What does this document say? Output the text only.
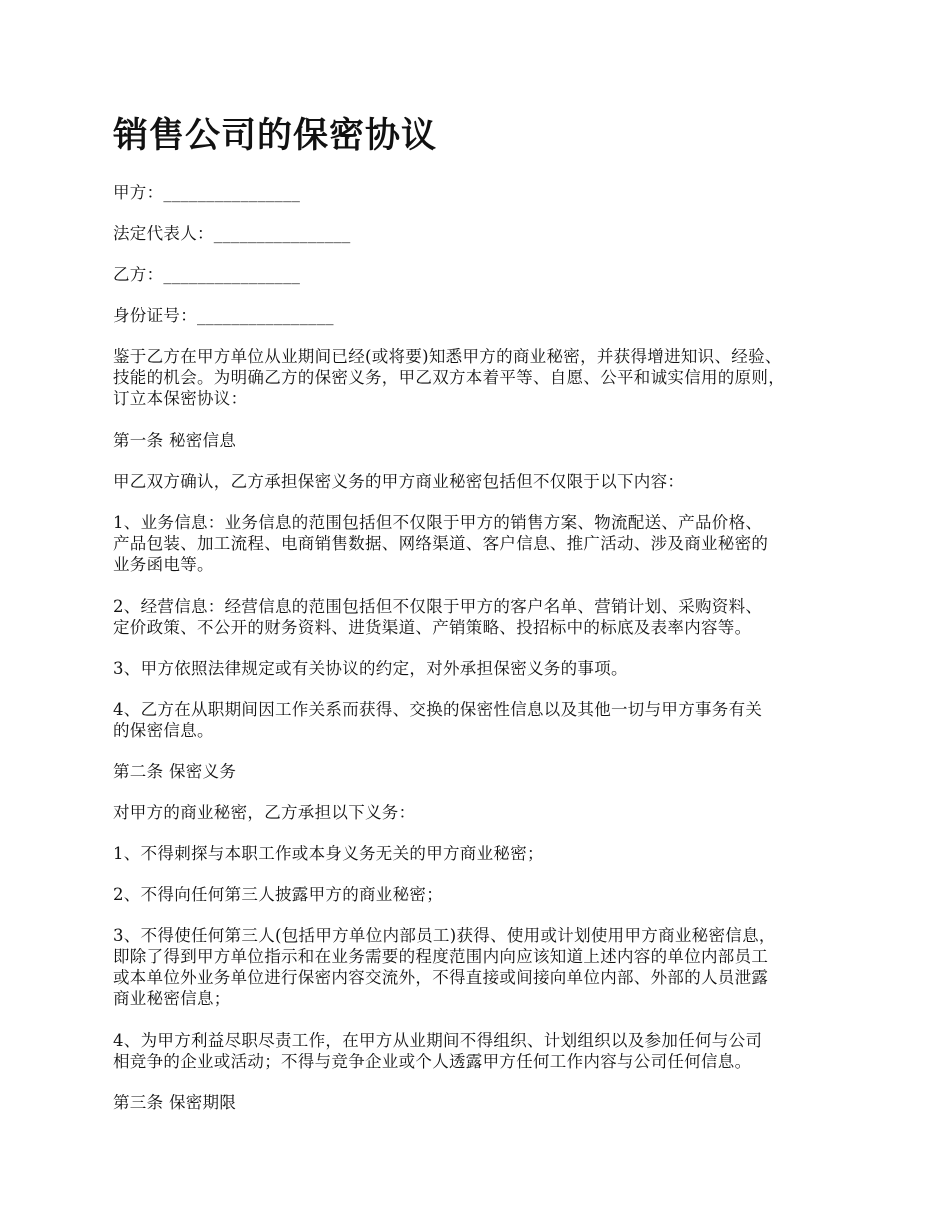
销售公司的保密协议

甲方：________________

法定代表人：________________

乙方：________________

身份证号：________________

鉴于乙方在甲方单位从业期间已经(或将要)知悉甲方的商业秘密，并获得增进知识、经验、
技能的机会。为明确乙方的保密义务，甲乙双方本着平等、自愿、公平和诚实信用的原则，
订立本保密协议：

第一条 秘密信息

甲乙双方确认，乙方承担保密义务的甲方商业秘密包括但不仅限于以下内容：

1、业务信息：业务信息的范围包括但不仅限于甲方的销售方案、物流配送、产品价格、
产品包装、加工流程、电商销售数据、网络渠道、客户信息、推广活动、涉及商业秘密的
业务函电等。

2、经营信息：经营信息的范围包括但不仅限于甲方的客户名单、营销计划、采购资料、
定价政策、不公开的财务资料、进货渠道、产销策略、投招标中的标底及表率内容等。

3、甲方依照法律规定或有关协议的约定，对外承担保密义务的事项。

4、乙方在从职期间因工作关系而获得、交换的保密性信息以及其他一切与甲方事务有关
的保密信息。

第二条 保密义务

对甲方的商业秘密，乙方承担以下义务：

1、不得刺探与本职工作或本身义务无关的甲方商业秘密；

2、不得向任何第三人披露甲方的商业秘密；

3、不得使任何第三人(包括甲方单位内部员工)获得、使用或计划使用甲方商业秘密信息，
即除了得到甲方单位指示和在业务需要的程度范围内向应该知道上述内容的单位内部员工
或本单位外业务单位进行保密内容交流外，不得直接或间接向单位内部、外部的人员泄露
商业秘密信息；

4、为甲方利益尽职尽责工作，在甲方从业期间不得组织、计划组织以及参加任何与公司
相竞争的企业或活动；不得与竞争企业或个人透露甲方任何工作内容与公司任何信息。

第三条 保密期限
